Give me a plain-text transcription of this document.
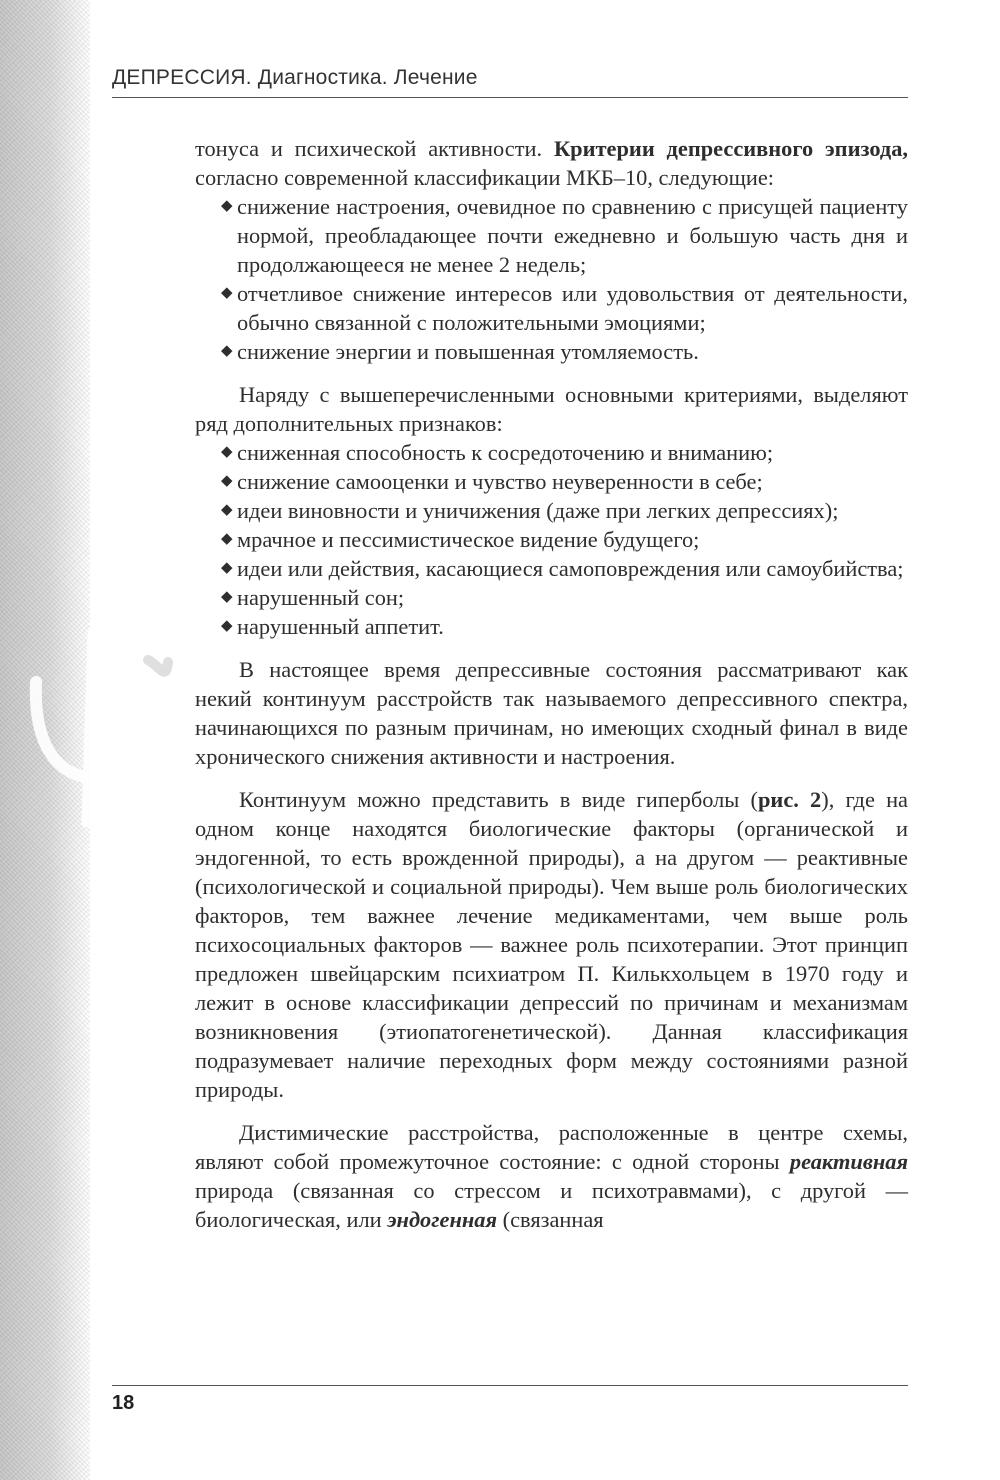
ДЕПРЕССИЯ. Диагностика. Лечение

тонуса и психической активности. Критерии депрессивного эпизода, согласно современной классификации МКБ–10, следующие:

◆ снижение настроения, очевидное по сравнению с присущей пациенту нормой, преобладающее почти ежедневно и большую часть дня и продолжающееся не менее 2 недель;
◆ отчетливое снижение интересов или удовольствия от деятельности, обычно связанной с положительными эмоциями;
◆ снижение энергии и повышенная утомляемость.

Наряду с вышеперечисленными основными критериями, выделяют ряд дополнительных признаков:

◆ сниженная способность к сосредоточению и вниманию;
◆ снижение самооценки и чувство неуверенности в себе;
◆ идеи виновности и уничижения (даже при легких депрессиях);
◆ мрачное и пессимистическое видение будущего;
◆ идеи или действия, касающиеся самоповреждения или самоубийства;
◆ нарушенный сон;
◆ нарушенный аппетит.

В настоящее время депрессивные состояния рассматривают как некий континуум расстройств так называемого депрессивного спектра, начинающихся по разным причинам, но имеющих сходный финал в виде хронического снижения активности и настроения.

Континуум можно представить в виде гиперболы (рис. 2), где на одном конце находятся биологические факторы (органической и эндогенной, то есть врожденной природы), а на другом — реактивные (психологической и социальной природы). Чем выше роль биологических факторов, тем важнее лечение медикаментами, чем выше роль психосоциальных факторов — важнее роль психотерапии. Этот принцип предложен швейцарским психиатром П. Килькхольцем в 1970 году и лежит в основе классификации депрессий по причинам и механизмам возникновения (этиопатогенетической). Данная классификация подразумевает наличие переходных форм между состояниями разной природы.

Дистимические расстройства, расположенные в центре схемы, являют собой промежуточное состояние: с одной стороны реактивная природа (связанная со стрессом и психотравмами), с другой — биологическая, или эндогенная (связанная

18
